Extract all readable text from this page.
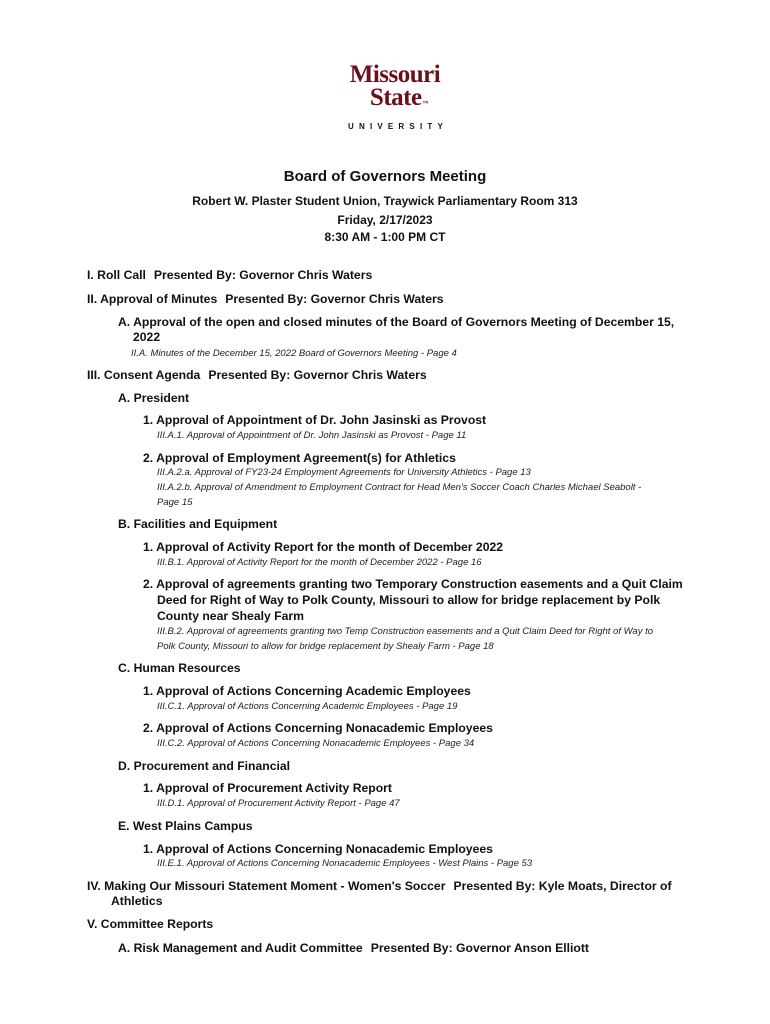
Missouri
State™
UNIVERSITY
Board of Governors Meeting
Robert W. Plaster Student Union, Traywick Parliamentary Room 313
Friday, 2/17/2023
8:30 AM - 1:00 PM CT
I. Roll Call Presented By: Governor Chris Waters
II. Approval of Minutes Presented By: Governor Chris Waters
A. Approval of the open and closed minutes of the Board of Governors Meeting of December 15,
2022
II.A. Minutes of the December 15, 2022 Board of Governors Meeting - Page 4
III. Consent Agenda Presented By: Governor Chris Waters
A. President
1. Approval of Appointment of Dr. John Jasinski as Provost
III.A.1. Approval of Appointment of Dr. John Jasinski as Provost - Page 11
2. Approval of Employment Agreement(s) for Athletics
III.A.2.a. Approval of FY23-24 Employment Agreements for University Athletics - Page 13
III.A.2.b. Approval of Amendment to Employment Contract for Head Men's Soccer Coach Charles Michael Seabolt -
Page 15
B. Facilities and Equipment
1. Approval of Activity Report for the month of December 2022
III.B.1. Approval of Activity Report for the month of December 2022 - Page 16
2. Approval of agreements granting two Temporary Construction easements and a Quit Claim
Deed for Right of Way to Polk County, Missouri to allow for bridge replacement by Polk
County near Shealy Farm
III.B.2. Approval of agreements granting two Temp Construction easements and a Quit Claim Deed for Right of Way to
Polk County, Missouri to allow for bridge replacement by Shealy Farm - Page 18
C. Human Resources
1. Approval of Actions Concerning Academic Employees
III.C.1. Approval of Actions Concerning Academic Employees - Page 19
2. Approval of Actions Concerning Nonacademic Employees
III.C.2. Approval of Actions Concerning Nonacademic Employees - Page 34
D. Procurement and Financial
1. Approval of Procurement Activity Report
III.D.1. Approval of Procurement Activity Report - Page 47
E. West Plains Campus
1. Approval of Actions Concerning Nonacademic Employees
III.E.1. Approval of Actions Concerning Nonacademic Employees - West Plains - Page 53
IV. Making Our Missouri Statement Moment - Women's Soccer Presented By: Kyle Moats, Director of
Athletics
V. Committee Reports
A. Risk Management and Audit Committee Presented By: Governor Anson Elliott
